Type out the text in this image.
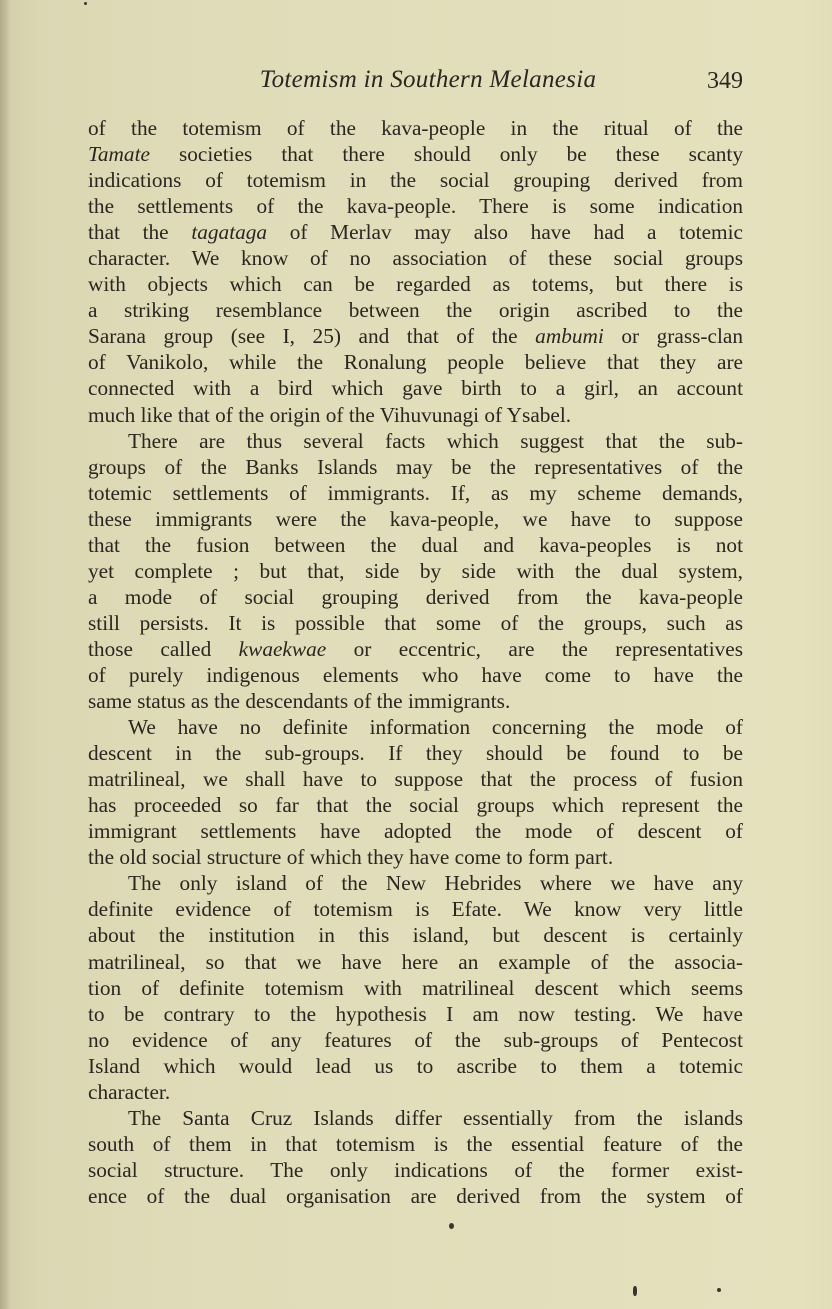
Totemism in Southern Melanesia	349
of the totemism of the kava-people in the ritual of the
Tamate societies that there should only be these scanty
indications of totemism in the social grouping derived from
the settlements of the kava-people. There is some indication
that the tagataga of Merlav may also have had a totemic
character. We know of no association of these social groups
with objects which can be regarded as totems, but there is
a striking resemblance between the origin ascribed to the
Sarana group (see I, 25) and that of the ambumi or grass-clan
of Vanikolo, while the Ronalung people believe that they are
connected with a bird which gave birth to a girl, an account
much like that of the origin of the Vihuvunagi of Ysabel.
There are thus several facts which suggest that the sub-
groups of the Banks Islands may be the representatives of the
totemic settlements of immigrants. If, as my scheme demands,
these immigrants were the kava-people, we have to suppose
that the fusion between the dual and kava-peoples is not
yet complete ; but that, side by side with the dual system,
a mode of social grouping derived from the kava-people
still persists. It is possible that some of the groups, such as
those called kwaekwae or eccentric, are the representatives
of purely indigenous elements who have come to have the
same status as the descendants of the immigrants.
We have no definite information concerning the mode of
descent in the sub-groups. If they should be found to be
matrilineal, we shall have to suppose that the process of fusion
has proceeded so far that the social groups which represent the
immigrant settlements have adopted the mode of descent of
the old social structure of which they have come to form part.
The only island of the New Hebrides where we have any
definite evidence of totemism is Efate. We know very little
about the institution in this island, but descent is certainly
matrilineal, so that we have here an example of the associa-
tion of definite totemism with matrilineal descent which seems
to be contrary to the hypothesis I am now testing. We have
no evidence of any features of the sub-groups of Pentecost
Island which would lead us to ascribe to them a totemic
character.
The Santa Cruz Islands differ essentially from the islands
south of them in that totemism is the essential feature of the
social structure. The only indications of the former exist-
ence of the dual organisation are derived from the system of
